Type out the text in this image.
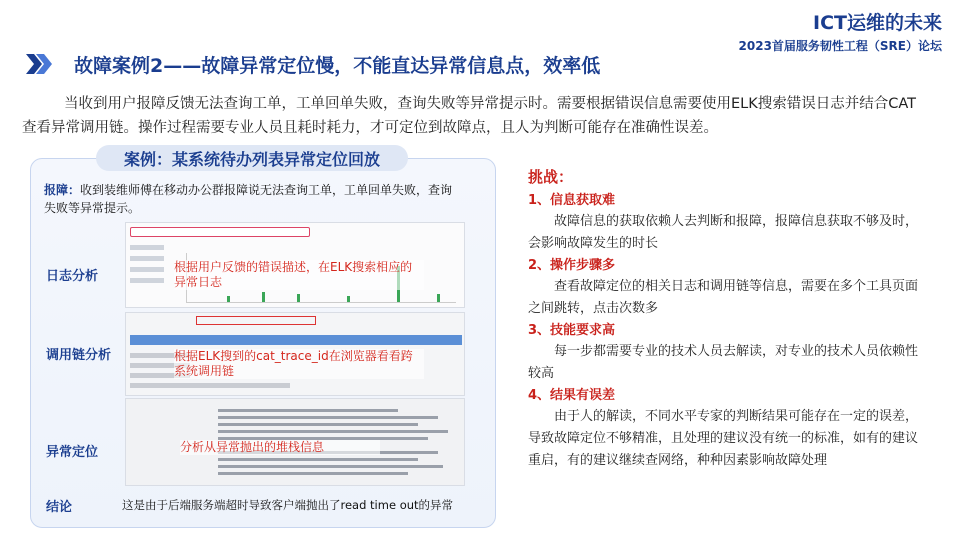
ICT运维的未来
2023首届服务韧性工程（SRE）论坛
故障案例2——故障异常定位慢，不能直达异常信息点，效率低
当收到用户报障反馈无法查询工单，工单回单失败，查询失败等异常提示时。需要根据错误信息需要使用ELK搜索错误日志并结合CAT查看异常调用链。操作过程需要专业人员且耗时耗力，才可定位到故障点，且人为判断可能存在准确性误差。
案例：某系统待办列表异常定位回放
报障：收到装维师傅在移动办公群报障说无法查询工单，工单回单失败，查询失败等异常提示。
日志分析
调用链分析
异常定位
结论
根据用户反馈的错误描述，在ELK搜索相应的异常日志
根据ELK搜到的cat_trace_id在浏览器看看跨系统调用链
分析从异常抛出的堆栈信息
这是由于后端服务端超时导致客户端抛出了read time out的异常
挑战：
1、信息获取难
故障信息的获取依赖人去判断和报障，报障信息获取不够及时，会影响故障发生的时长
2、操作步骤多
查看故障定位的相关日志和调用链等信息，需要在多个工具页面之间跳转，点击次数多
3、技能要求高
每一步都需要专业的技术人员去解读，对专业的技术人员依赖性较高
4、结果有误差
由于人的解读，不同水平专家的判断结果可能存在一定的误差，导致故障定位不够精准，且处理的建议没有统一的标准，如有的建议重启，有的建议继续查网络，种种因素影响故障处理
